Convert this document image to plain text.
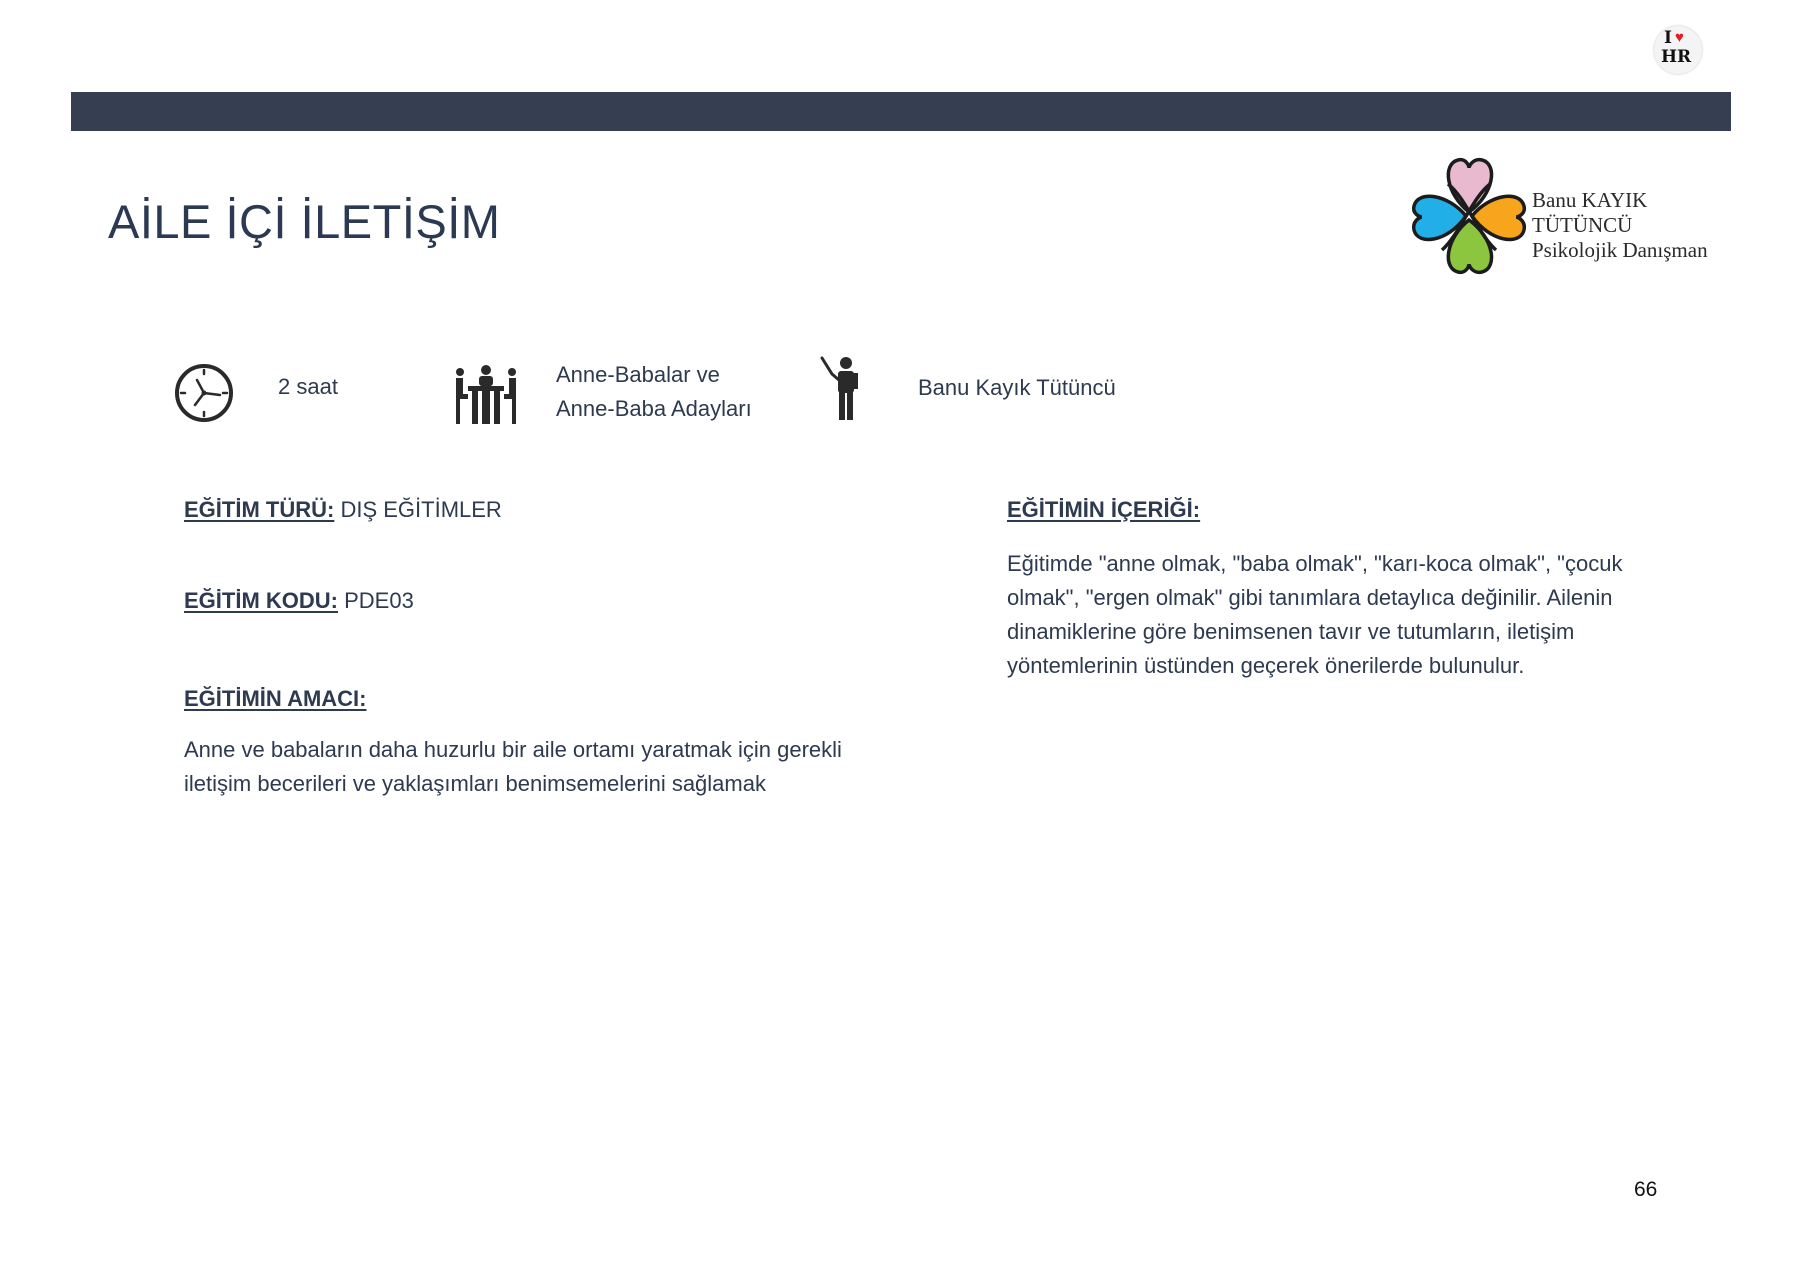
I ♥
HR
AİLE İÇİ İLETİŞİM	Banu KAYIK
TÜTÜNCÜ
Psikolojik Danışman
2 saat	Anne-Babalar ve
Anne-Baba Adayları
Banu Kayık Tütüncü
EĞİTİM TÜRÜ: DIŞ EĞİTİMLER
EĞİTİM KODU: PDE03
EĞİTİMİN AMACI:
Anne ve babaların daha huzurlu bir aile ortamı yaratmak için gerekli
iletişim becerileri ve yaklaşımları benimsemelerini sağlamak
EĞİTİMİN İÇERİĞİ:
Eğitimde "anne olmak, "baba olmak", "karı-koca olmak", "çocuk
olmak", "ergen olmak" gibi tanımlara detaylıca değinilir. Ailenin
dinamiklerine göre benimsenen tavır ve tutumların, iletişim
yöntemlerinin üstünden geçerek önerilerde bulunulur.
66
